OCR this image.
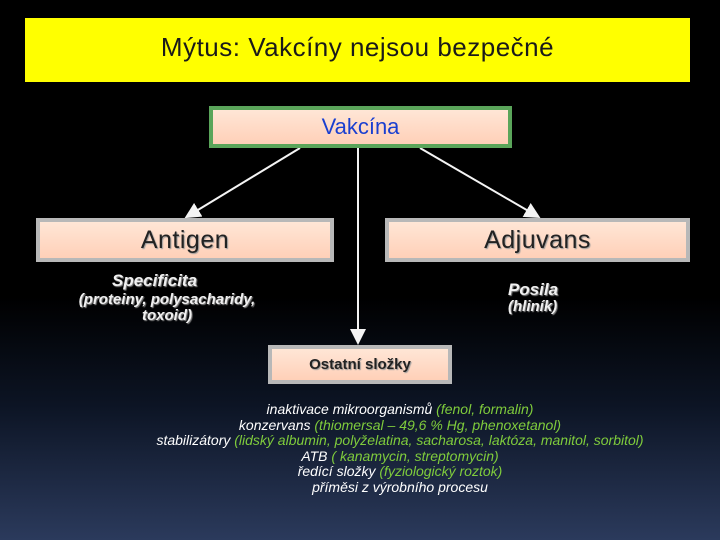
Mýtus: Vakcíny nejsou bezpečné
Vakcína
Antigen	Adjuvans
Specificita
(proteiny, polysacharidy, toxoid)
Posila
(hliník)
Ostatní složky
inaktivace mikroorganismů (fenol, formalin)
konzervans (thiomersal – 49,6 % Hg, phenoxetanol)
stabilizátory (lidský albumin, polyželatina, sacharosa, laktóza, manitol, sorbitol)
ATB ( kanamycin, streptomycin)
ředící složky (fyziologický roztok)
příměsi z výrobního procesu
